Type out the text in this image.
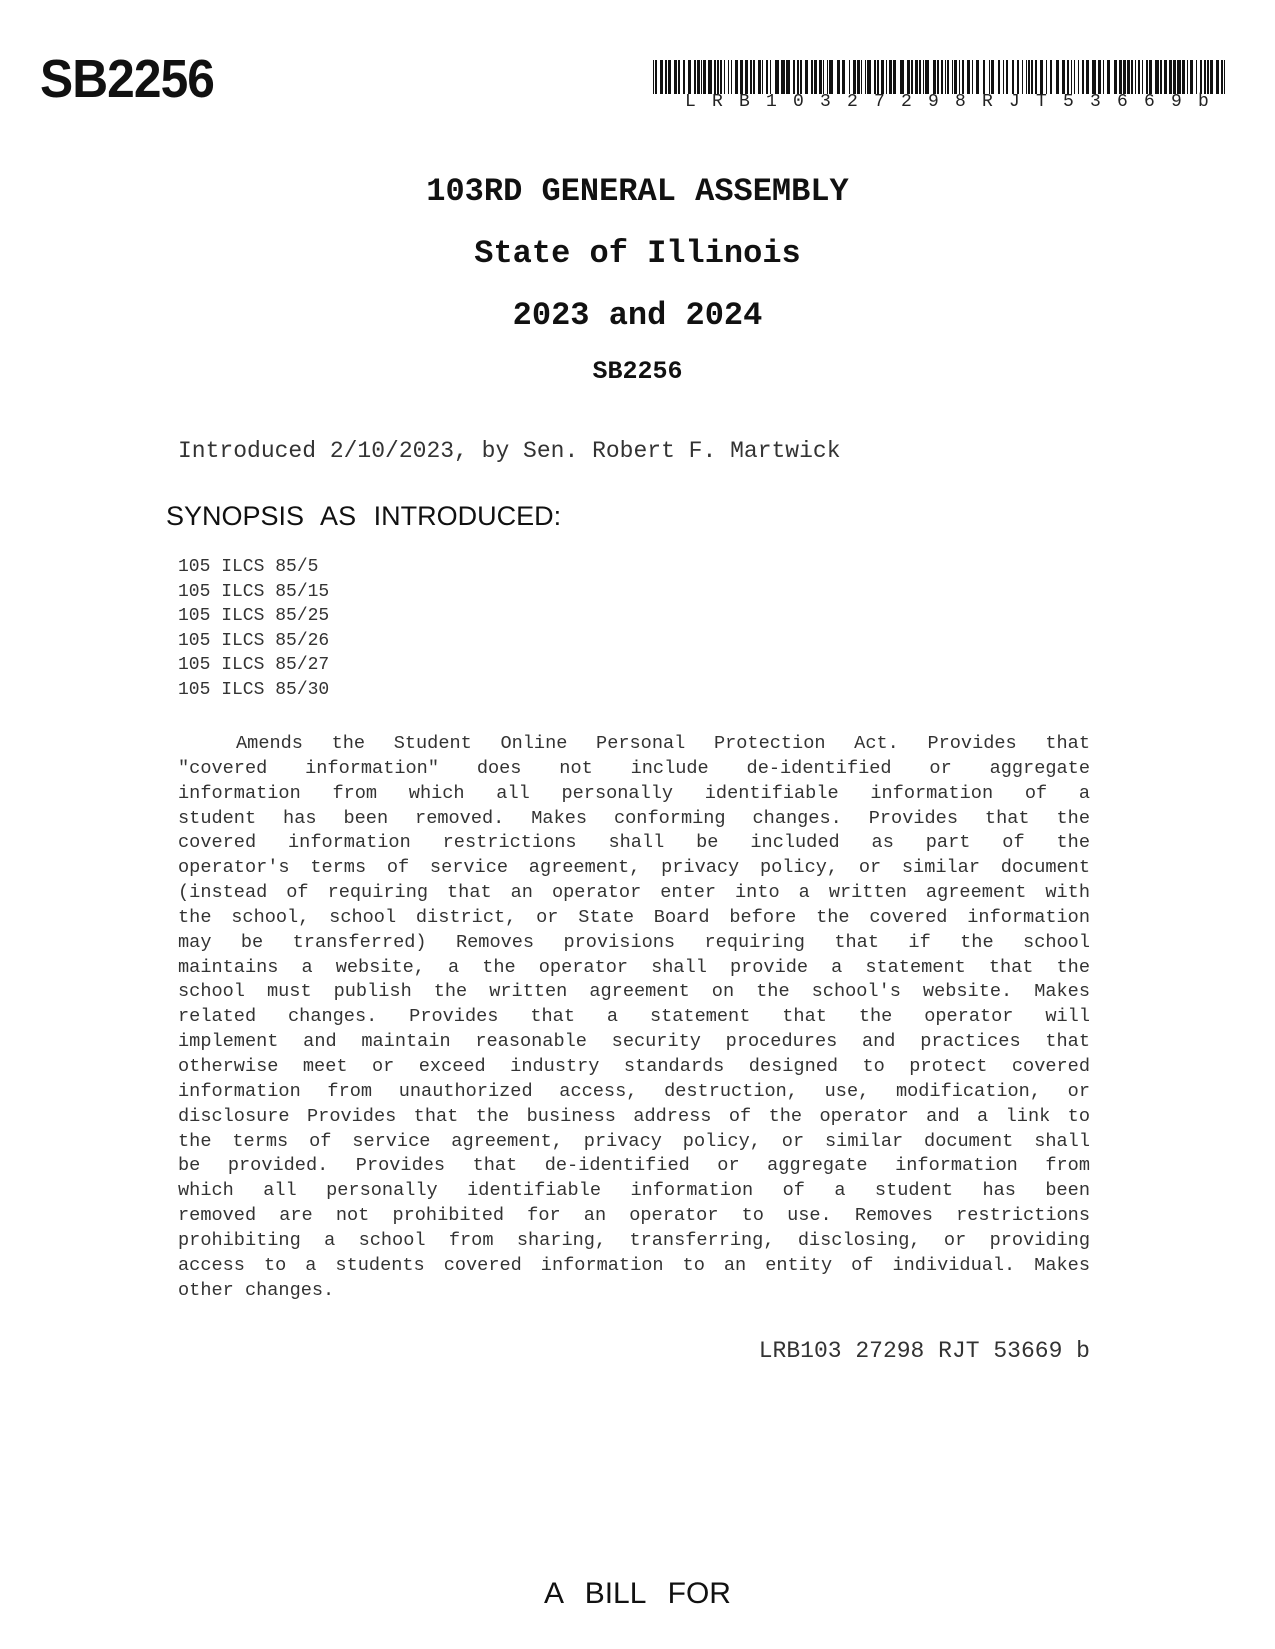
SB2256	LRB10327298RJT53669b
103RD GENERAL ASSEMBLY
State of Illinois
2023 and 2024
SB2256
Introduced 2/10/2023, by Sen. Robert F. Martwick
SYNOPSIS AS INTRODUCED:
105 ILCS 85/5
105 ILCS 85/15
105 ILCS 85/25
105 ILCS 85/26
105 ILCS 85/27
105 ILCS 85/30
Amends the Student Online Personal Protection Act. Provides that
"covered information" does not include de-identified or aggregate
information from which all personally identifiable information of a
student has been removed. Makes conforming changes. Provides that the
covered information restrictions shall be included as part of the
operator's terms of service agreement, privacy policy, or similar document
(instead of requiring that an operator enter into a written agreement with
the school, school district, or State Board before the covered information
may be transferred) Removes provisions requiring that if the school
maintains a website, a the operator shall provide a statement that the
school must publish the written agreement on the school's website. Makes
related changes. Provides that a statement that the operator will
implement and maintain reasonable security procedures and practices that
otherwise meet or exceed industry standards designed to protect covered
information from unauthorized access, destruction, use, modification, or
disclosure Provides that the business address of the operator and a link to
the terms of service agreement, privacy policy, or similar document shall
be provided. Provides that de-identified or aggregate information from
which all personally identifiable information of a student has been
removed are not prohibited for an operator to use. Removes restrictions
prohibiting a school from sharing, transferring, disclosing, or providing
access to a students covered information to an entity of individual. Makes
other changes.
LRB103 27298 RJT 53669 b
A BILL FOR
